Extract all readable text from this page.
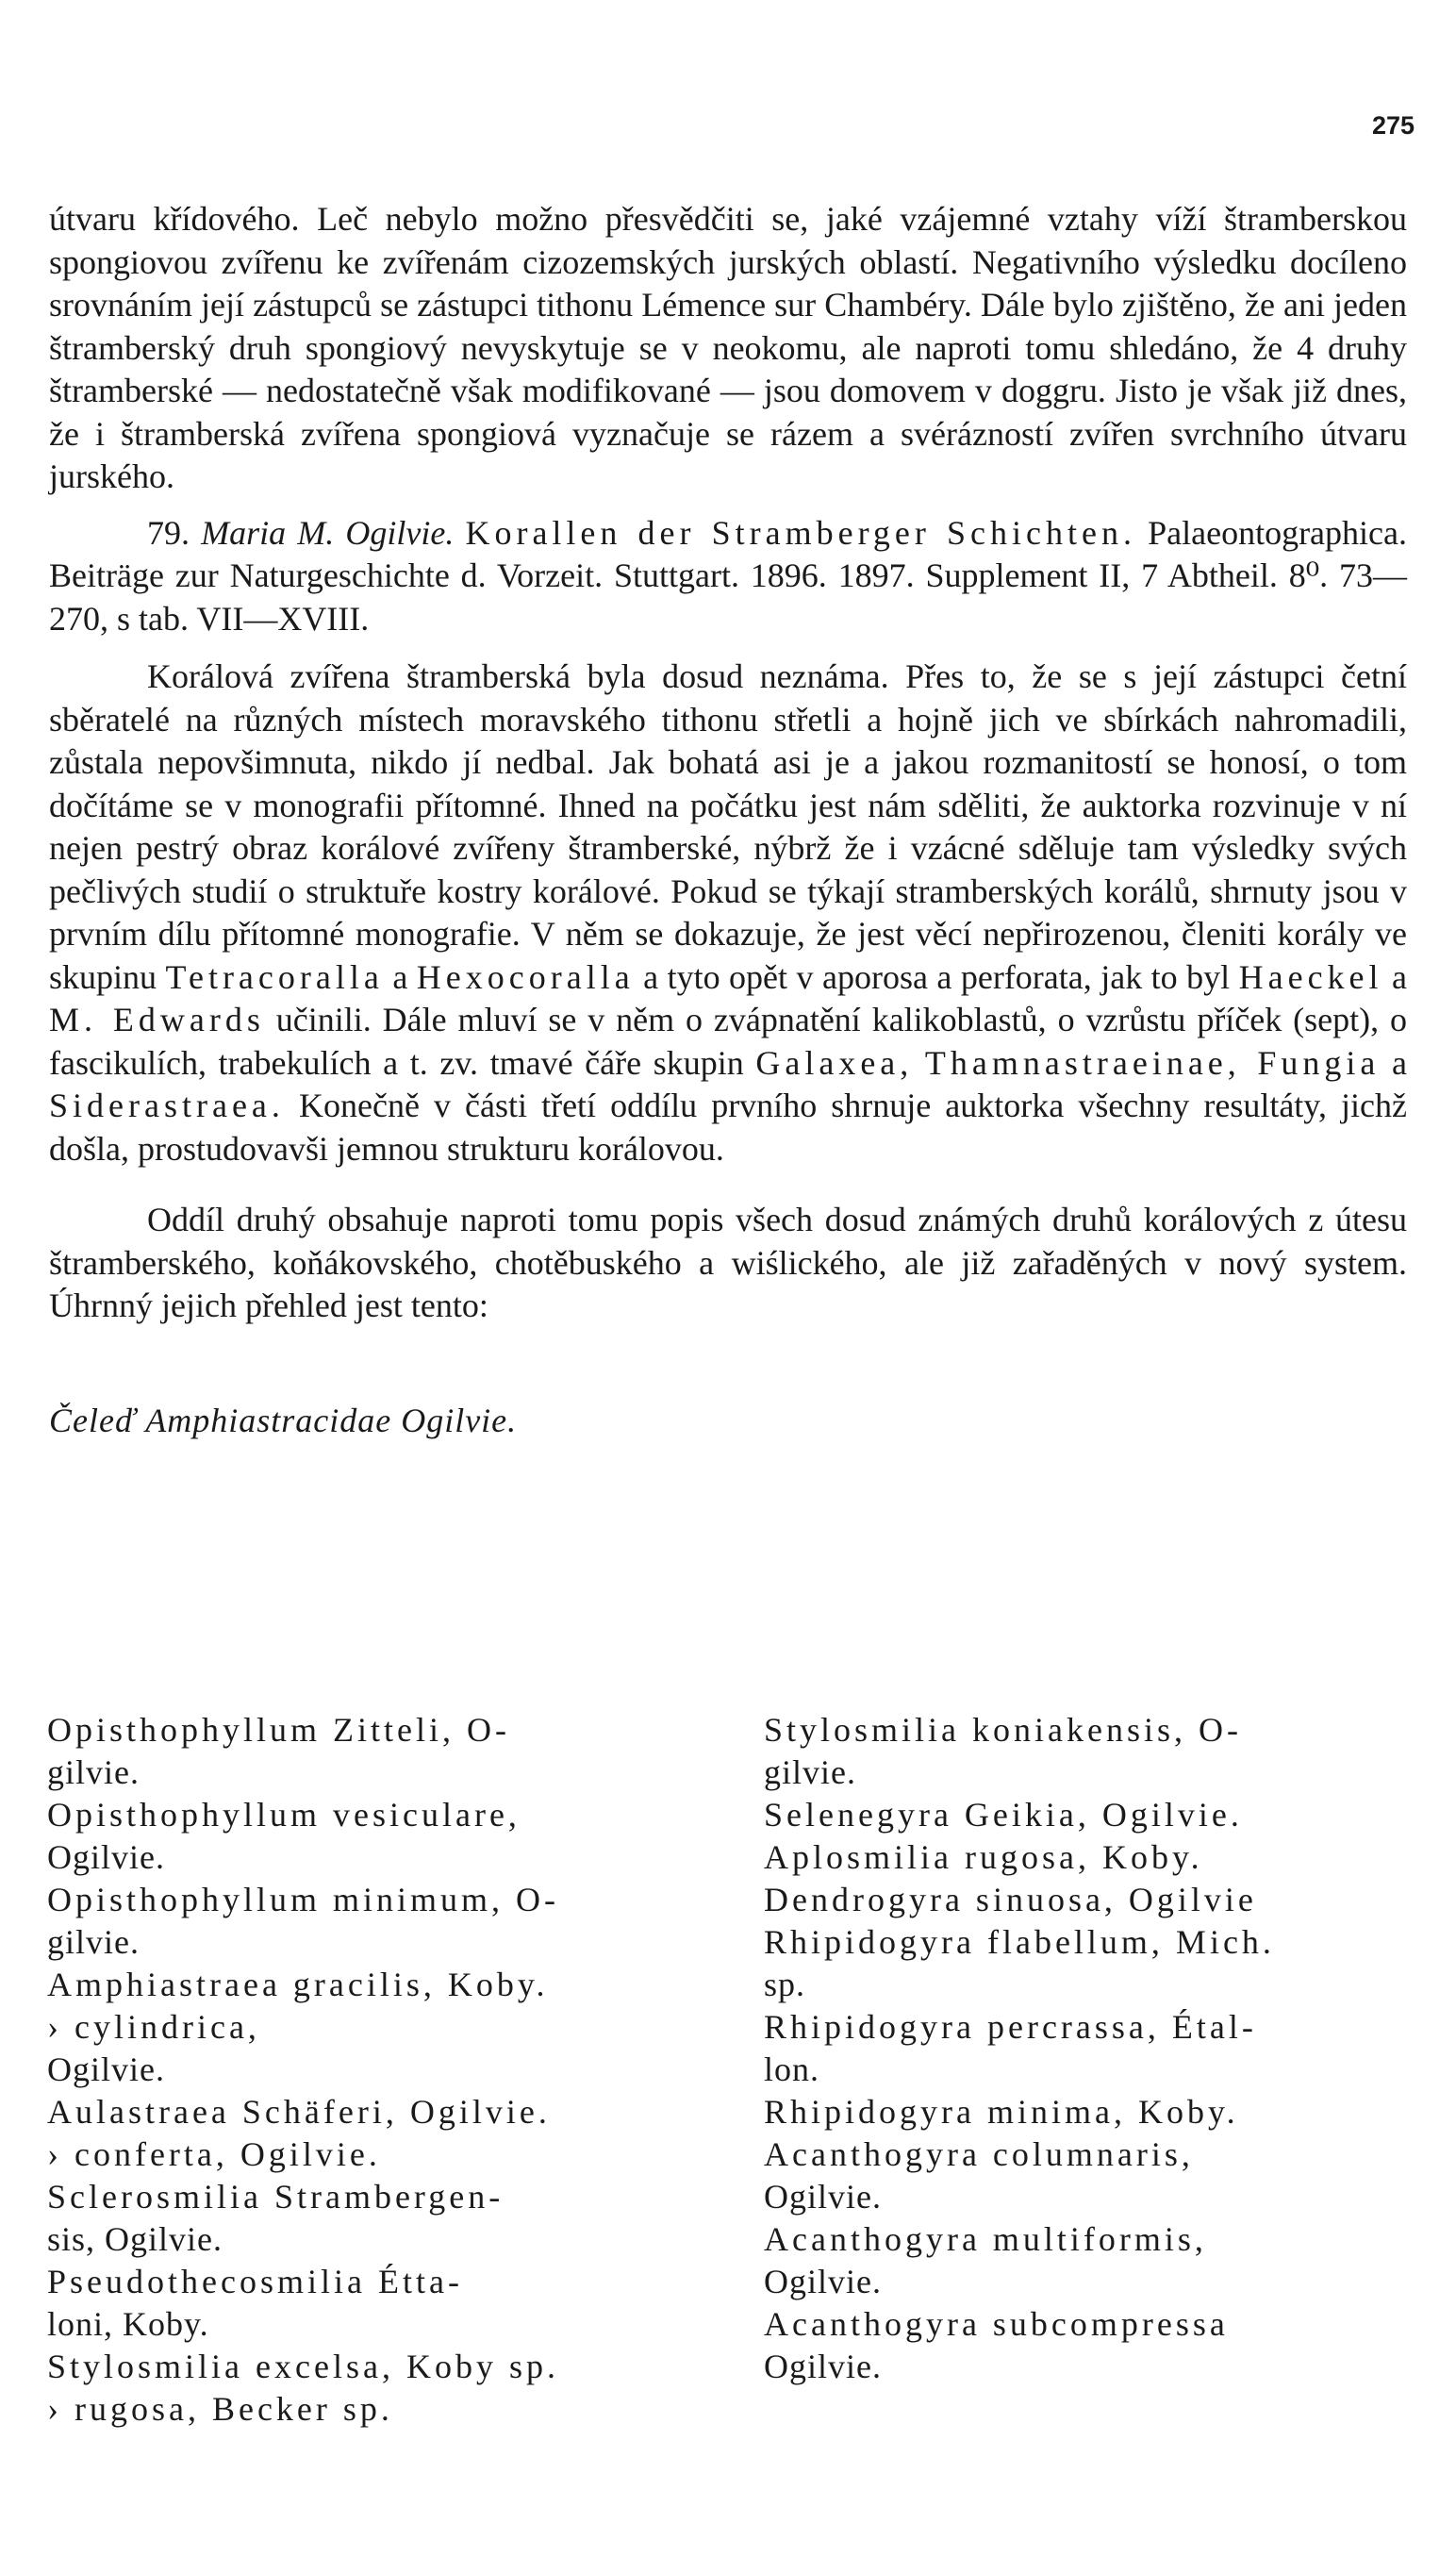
275

útvaru křídového. Leč nebylo možno přesvědčiti se, jaké vzájemné vztahy víží štramberskou spongiovou zvířenu ke zvířenám cizozemských jurských oblastí. Negativního výsledku docíleno srovnáním její zástupců se zástupci tithonu Lémence sur Chambéry. Dále bylo zjištěno, že ani jeden štramberský druh spongiový nevyskytuje se v neokomu, ale naproti tomu shledáno, že 4 druhy štramberské — nedostatečně však modifikované — jsou domovem v doggru. Jisto je však již dnes, že i štramberská zvířena spongiová vyznačuje se rázem a svérázností zvířen svrchního útvaru jurského.

79. Maria M. Ogilvie. Korallen der Stramberger Schichten. Palaeontographica. Beiträge zur Naturgeschichte d. Vorzeit. Stuttgart. 1896. 1897. Supplement II, 7 Abtheil. 8⁰. 73—270, s tab. VII—XVIII.

Korálová zvířena štramberská byla dosud neznáma. Přes to, že se s její zástupci četní sběratelé na různých místech moravského tithonu střetli a hojně jich ve sbírkách nahromadili, zůstala nepovšimnuta, nikdo jí nedbal. Jak bohatá asi je a jakou rozmanitostí se honosí, o tom dočítáme se v monografii přítomné. Ihned na počátku jest nám sděliti, že auktorka rozvinuje v ní nejen pestrý obraz korálové zvířeny štramberské, nýbrž že i vzácné sděluje tam výsledky svých pečlivých studií o struktuře kostry korálové. Pokud se týkají stramberských korálů, shrnuty jsou v prvním dílu přítomné monografie. V něm se dokazuje, že jest věcí nepřirozenou, členiti korály ve skupinu Tetracoralla a Hexocoralla a tyto opět v aporosa a perforata, jak to byl Haeckel a M. Edwards učinili. Dále mluví se v něm o zvápnatění kalikoblastů, o vzrůstu příček (sept), o fascikulích, trabekulích a t. zv. tmavé čáře skupin Galaxea, Thamnastraeinae, Fungia a Siderastraea. Konečně v části třetí oddílu prvního shrnuje auktorka všechny resultáty, jichž došla, prostudovavši jemnou strukturu korálovou.

Oddíl druhý obsahuje naproti tomu popis všech dosud známých druhů korálových z útesu štramberského, koňákovského, chotěbuského a wiślického, ale již zařaděných v nový system. Úhrnný jejich přehled jest tento:

Čeleď Amphiastracidae Ogilvie.

Opisthophyllum Zitteli, O-
gilvie.
Opisthophyllum vesiculare,
Ogilvie.
Opisthophyllum minimum, O-
gilvie.
Amphiastraea gracilis, Koby.
› cylindrica,
Ogilvie.
Aulastraea Schäferi, Ogilvie.
› conferta, Ogilvie.
Sclerosmilia Strambergen-
sis, Ogilvie.
Pseudothecosmilia Étta-
loni, Koby.
Stylosmilia excelsa, Koby sp.
› rugosa, Becker sp.
Stylosmilia koniakensis, O-
gilvie.
Selenegyra Geikia, Ogilvie.
Aplosmilia rugosa, Koby.
Dendrogyra sinuosa, Ogilvie
Rhipidogyra flabellum, Mich.
sp.
Rhipidogyra percrassa, Étal-
lon.
Rhipidogyra minima, Koby.
Acanthogyra columnaris,
Ogilvie.
Acanthogyra multiformis,
Ogilvie.
Acanthogyra subcompressa
Ogilvie.
